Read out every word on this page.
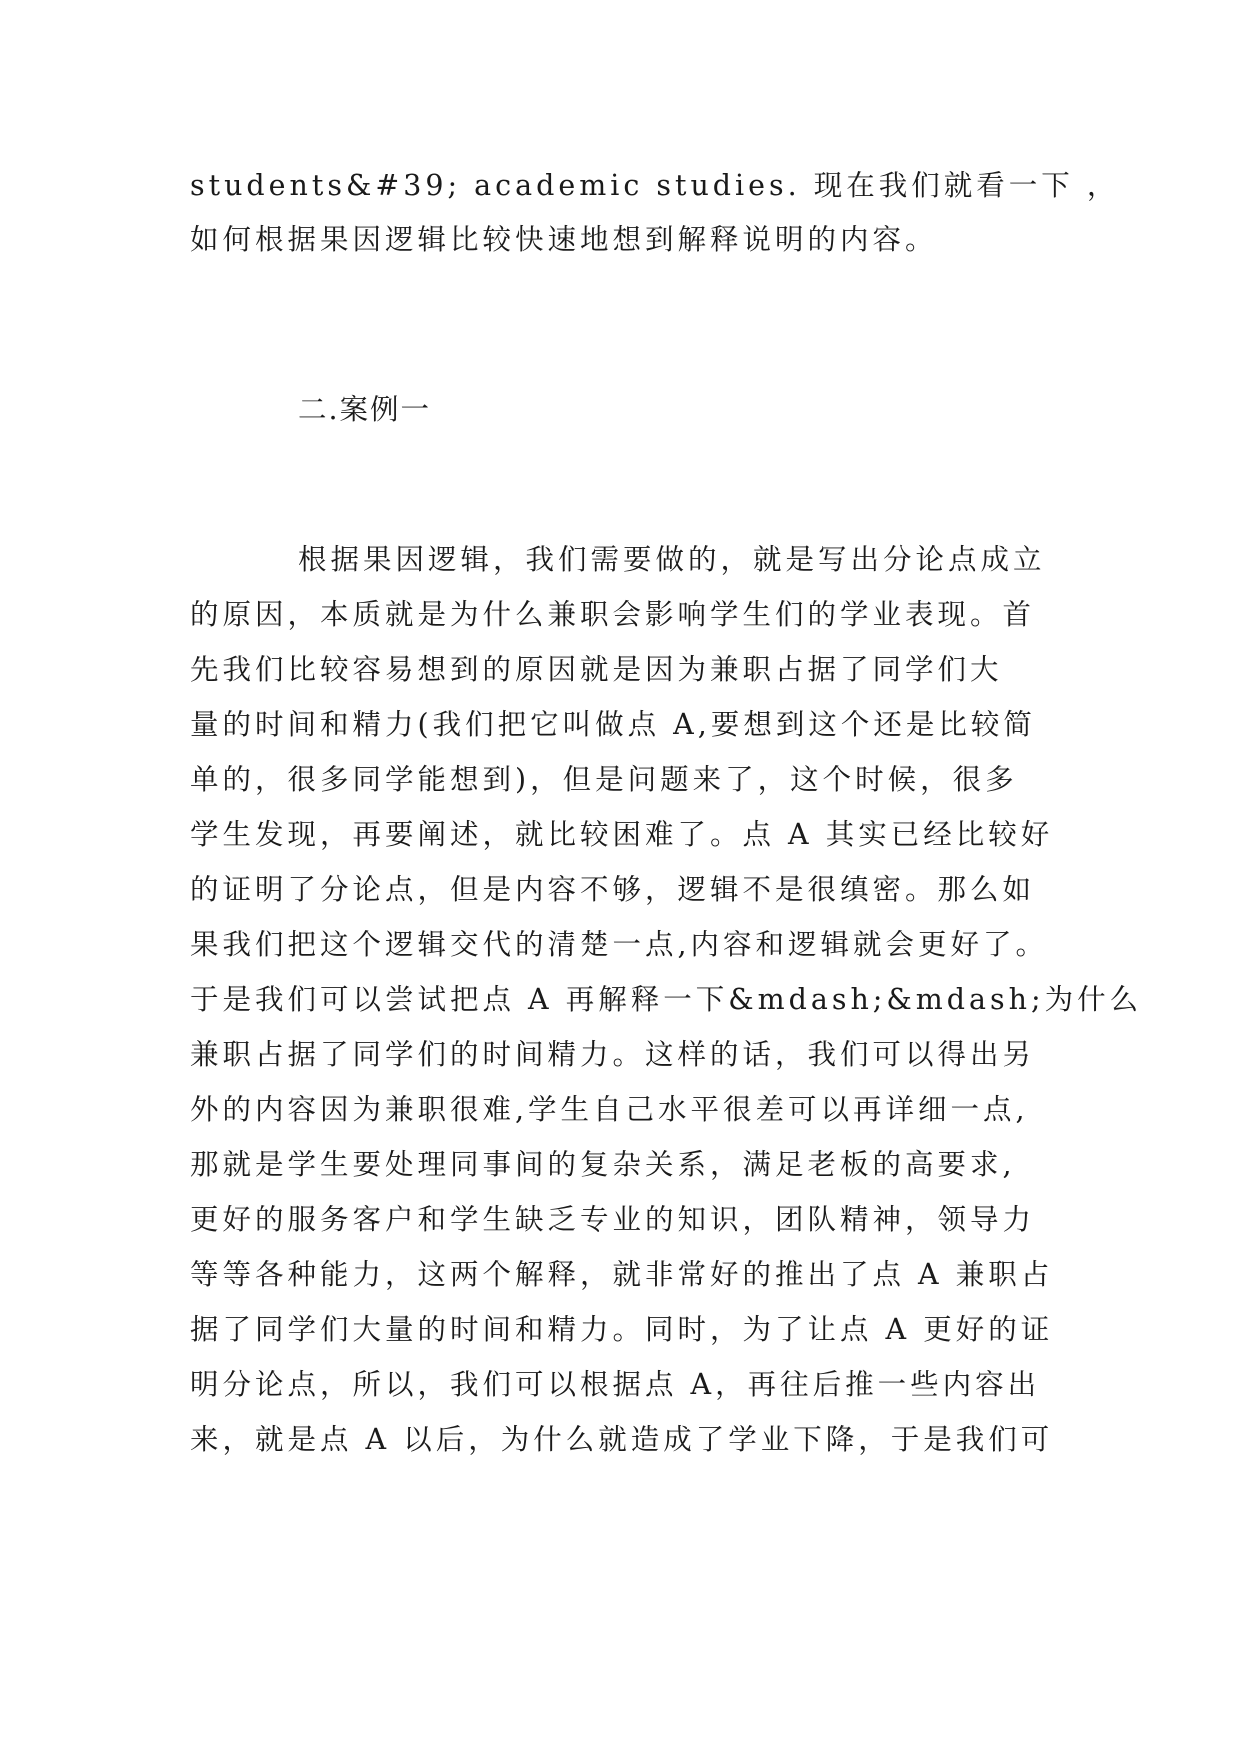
students&#39; academic studies. 现在我们就看一下 ，
如何根据果因逻辑比较快速地想到解释说明的内容。
二.案例一
根据果因逻辑，我们需要做的，就是写出分论点成立
的原因，本质就是为什么兼职会影响学生们的学业表现。首
先我们比较容易想到的原因就是因为兼职占据了同学们大
量的时间和精力(我们把它叫做点 A,要想到这个还是比较简
单的，很多同学能想到)，但是问题来了，这个时候，很多
学生发现，再要阐述，就比较困难了。点 A 其实已经比较好
的证明了分论点，但是内容不够，逻辑不是很缜密。那么如
果我们把这个逻辑交代的清楚一点,内容和逻辑就会更好了。
于是我们可以尝试把点 A 再解释一下&mdash;&mdash;为什么
兼职占据了同学们的时间精力。这样的话，我们可以得出另
外的内容因为兼职很难,学生自己水平很差可以再详细一点,
那就是学生要处理同事间的复杂关系，满足老板的高要求,
更好的服务客户和学生缺乏专业的知识，团队精神，领导力
等等各种能力，这两个解释，就非常好的推出了点 A 兼职占
据了同学们大量的时间和精力。同时，为了让点 A 更好的证
明分论点，所以，我们可以根据点 A，再往后推一些内容出
来，就是点 A 以后，为什么就造成了学业下降，于是我们可
